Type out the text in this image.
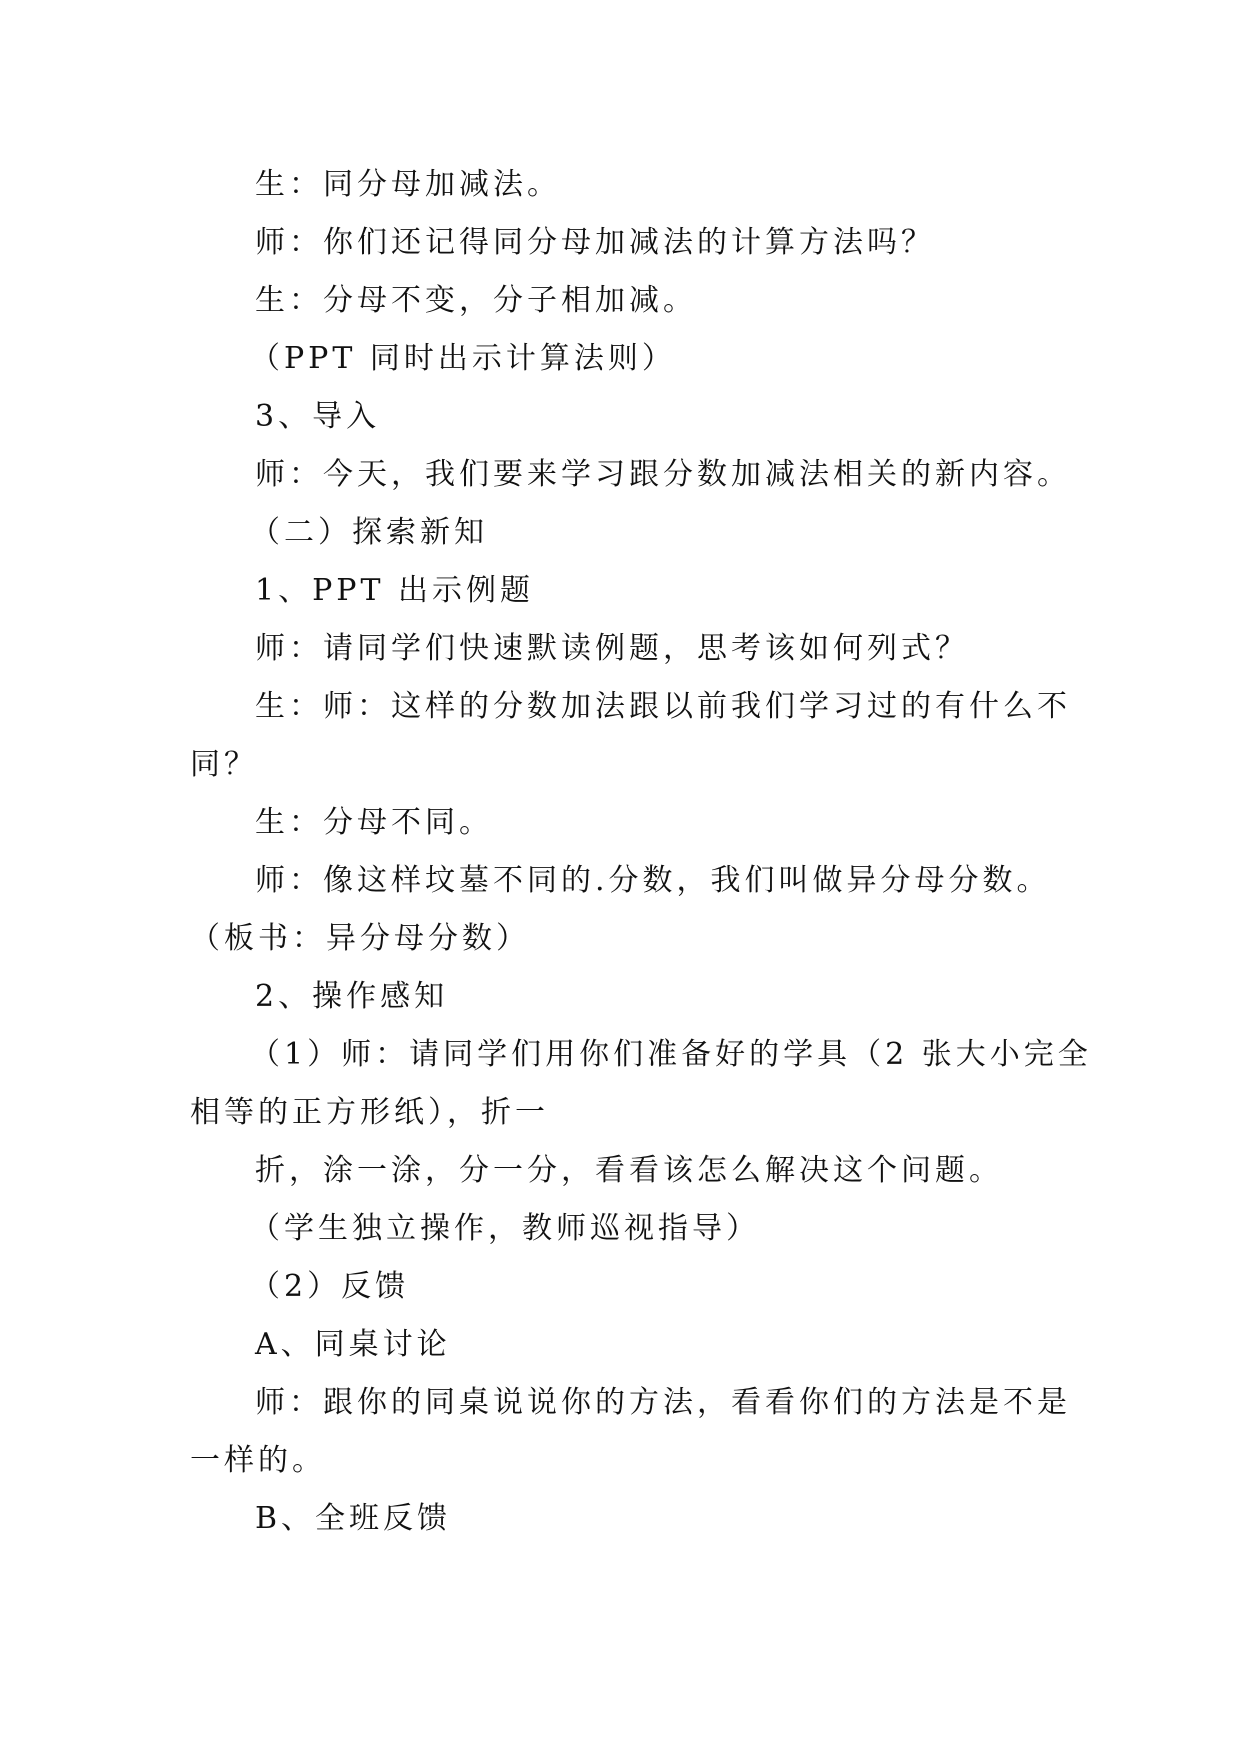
生：同分母加减法。
师：你们还记得同分母加减法的计算方法吗？
生：分母不变，分子相加减。
（PPT 同时出示计算法则）
3、导入
师：今天，我们要来学习跟分数加减法相关的新内容。
（二）探索新知
1、PPT 出示例题
师：请同学们快速默读例题，思考该如何列式？
生：师：这样的分数加法跟以前我们学习过的有什么不
同？
生：分母不同。
师：像这样坟墓不同的.分数，我们叫做异分母分数。
（板书：异分母分数）
2、操作感知
（1）师：请同学们用你们准备好的学具（2 张大小完全
相等的正方形纸），折一
折，涂一涂，分一分，看看该怎么解决这个问题。
（学生独立操作，教师巡视指导）
（2）反馈
A、同桌讨论
师：跟你的同桌说说你的方法，看看你们的方法是不是
一样的。
B、全班反馈
